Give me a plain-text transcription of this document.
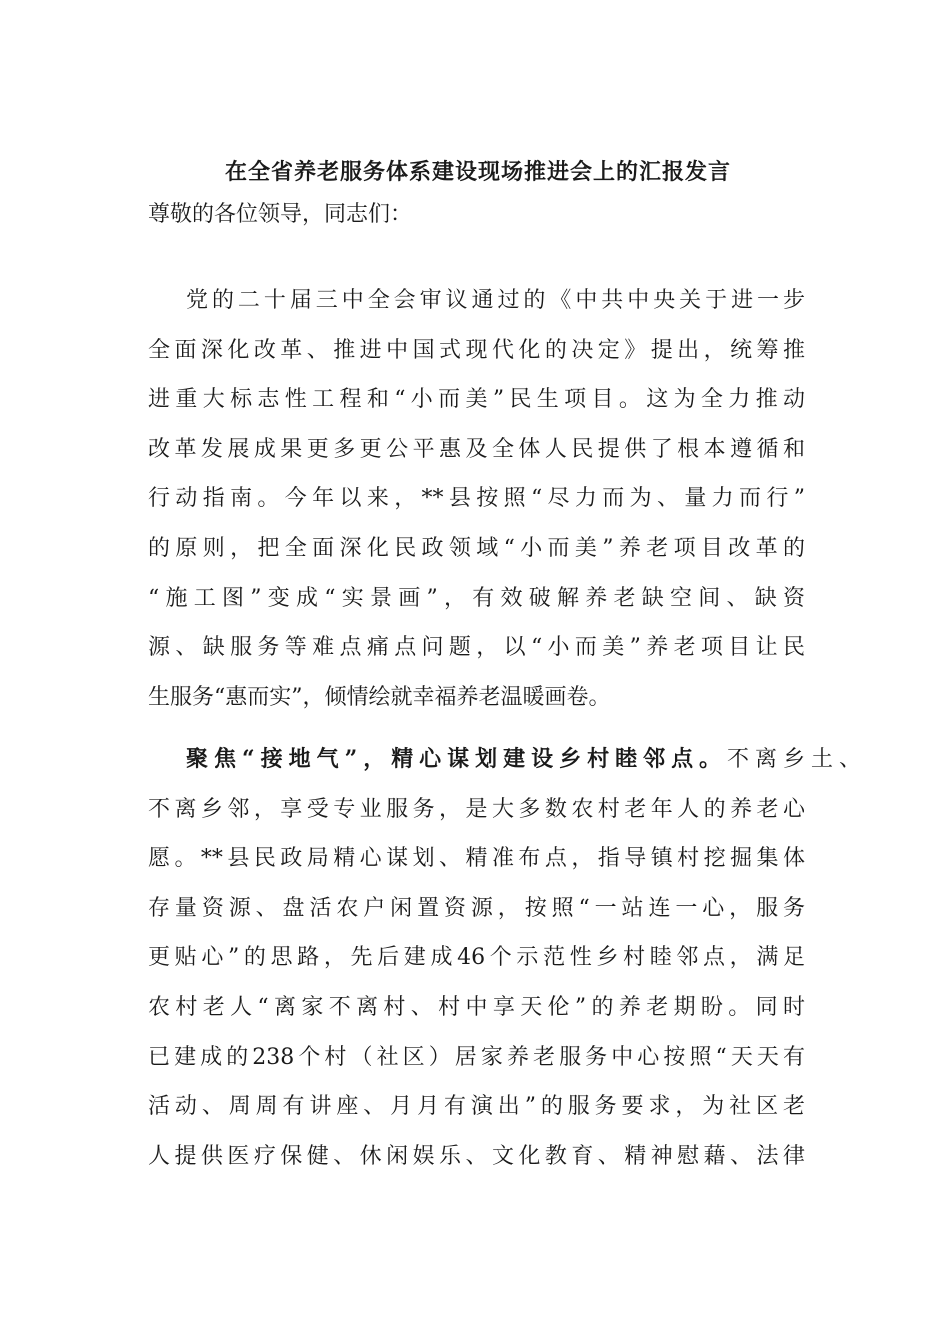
在全省养老服务体系建设现场推进会上的汇报发言
尊敬的各位领导，同志们：
党的二十届三中全会审议通过的《中共中央关于进一步
全面深化改革、推进中国式现代化的决定》提出，统筹推
进重大标志性工程和“小而美”民生项目。这为全力推动
改革发展成果更多更公平惠及全体人民提供了根本遵循和
行动指南。今年以来，**县按照“尽力而为、量力而行”
的原则，把全面深化民政领域“小而美”养老项目改革的
“施工图”变成“实景画”，有效破解养老缺空间、缺资
源、缺服务等难点痛点问题，以“小而美”养老项目让民
生服务“惠而实”，倾情绘就幸福养老温暖画卷。
聚焦“接地气”，精心谋划建设乡村睦邻点。不离乡土、
不离乡邻，享受专业服务，是大多数农村老年人的养老心
愿。**县民政局精心谋划、精准布点，指导镇村挖掘集体
存量资源、盘活农户闲置资源，按照“一站连一心，服务
更贴心”的思路，先后建成46个示范性乡村睦邻点，满足
农村老人“离家不离村、村中享天伦”的养老期盼。同时
已建成的238个村（社区）居家养老服务中心按照“天天有
活动、周周有讲座、月月有演出”的服务要求，为社区老
人提供医疗保健、休闲娱乐、文化教育、精神慰藉、法律
